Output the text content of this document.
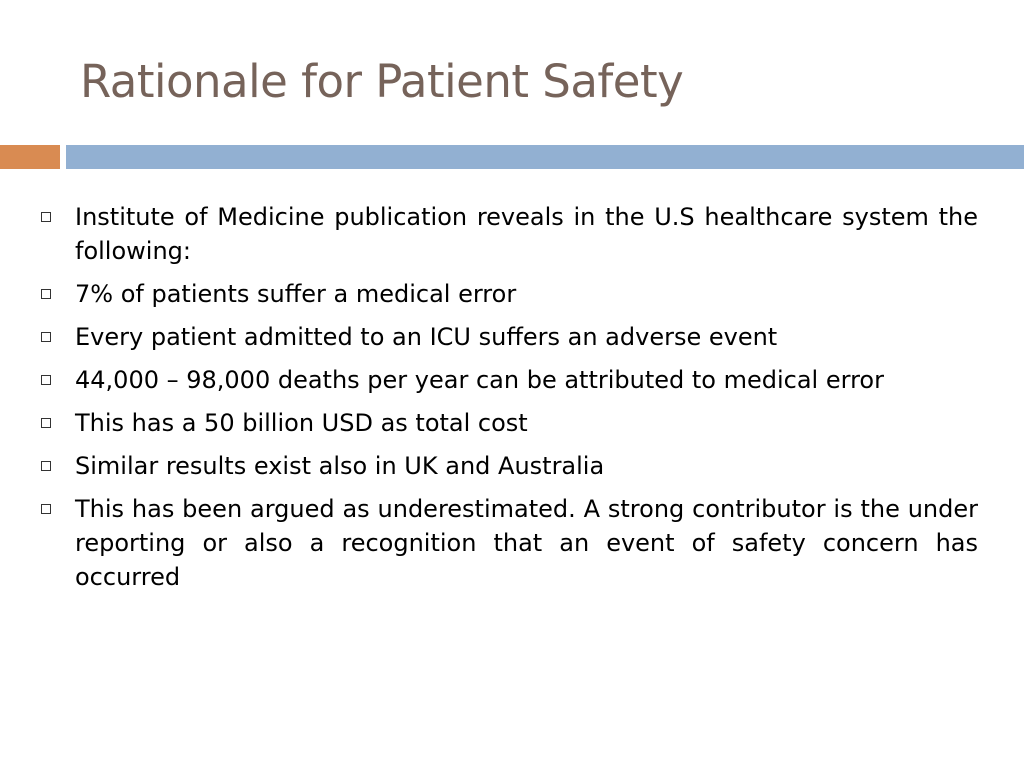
Rationale for Patient Safety
Institute of Medicine publication reveals in the U.S healthcare system the following:
7% of patients suffer a medical error
Every patient admitted to an ICU suffers an adverse event
44,000 – 98,000 deaths per year can be attributed to medical error
This has a 50 billion USD as total cost
Similar results exist also in UK and Australia
This has been argued as underestimated. A strong contributor is the under reporting or also a recognition that an event of safety concern has occurred
